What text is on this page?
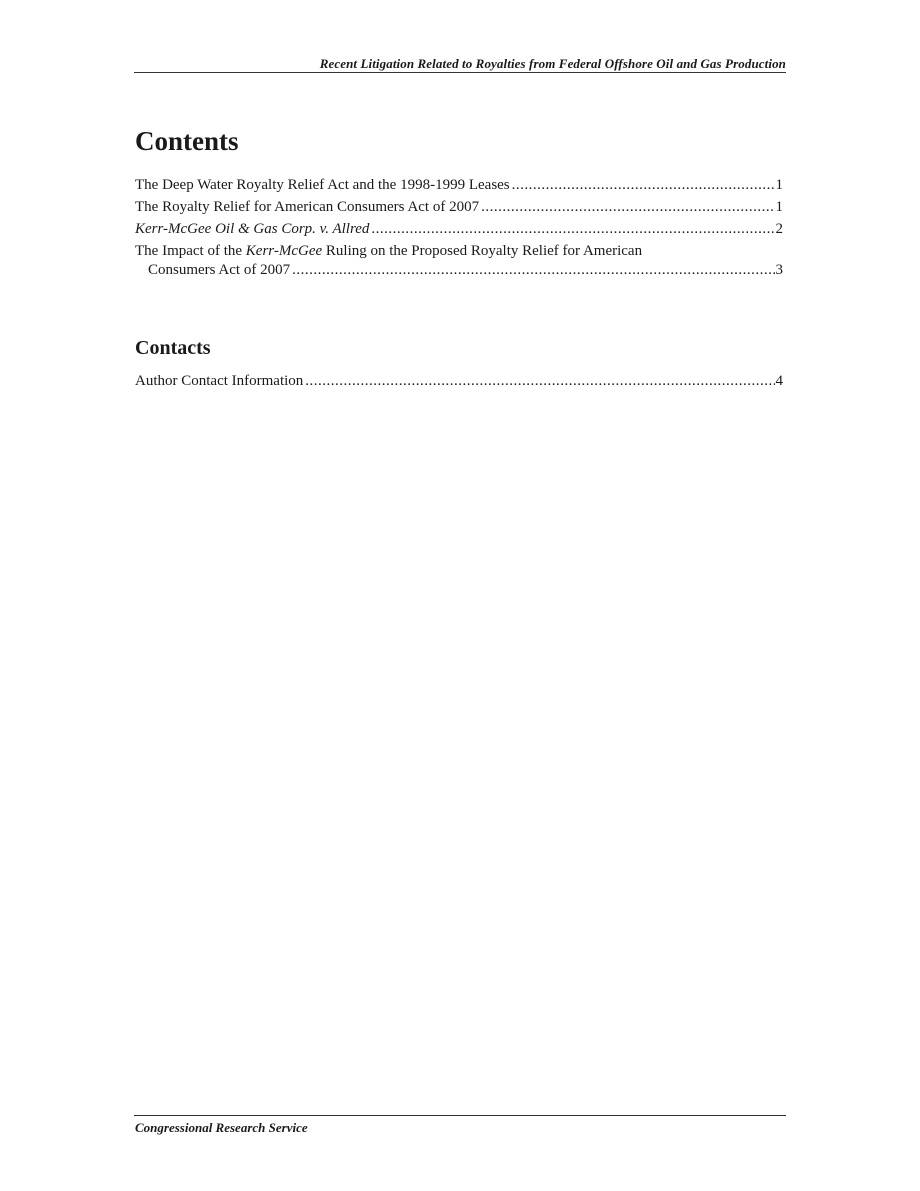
Recent Litigation Related to Royalties from Federal Offshore Oil and Gas Production
Contents
The Deep Water Royalty Relief Act and the 1998-1999 Leases .....	1
The Royalty Relief for American Consumers Act of 2007 .....	1
Kerr-McGee Oil & Gas Corp. v. Allred .....	2
The Impact of the Kerr-McGee Ruling on the Proposed Royalty Relief for American
Consumers Act of 2007 .....	3
Contacts
Author Contact Information .....	4
Congressional Research Service
